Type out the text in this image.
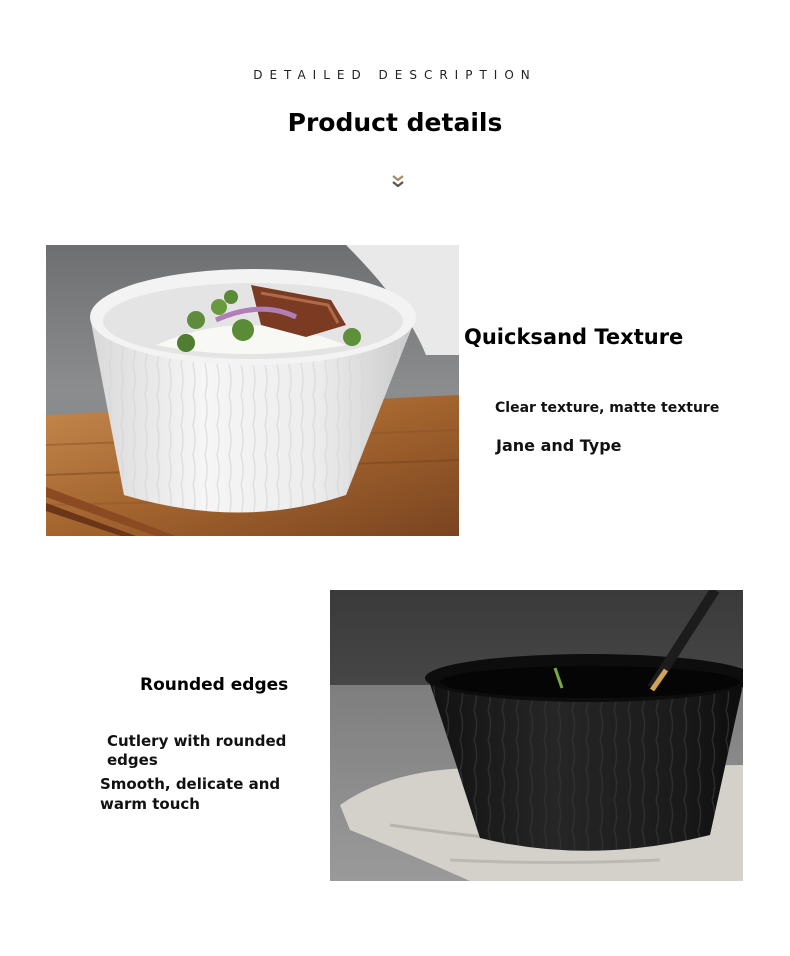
DETAILED DESCRIPTION
Product details
Quicksand Texture
Clear texture, matte texture
Jane and Type
Rounded edges
Cutlery with rounded edges
Smooth, delicate and warm touch
